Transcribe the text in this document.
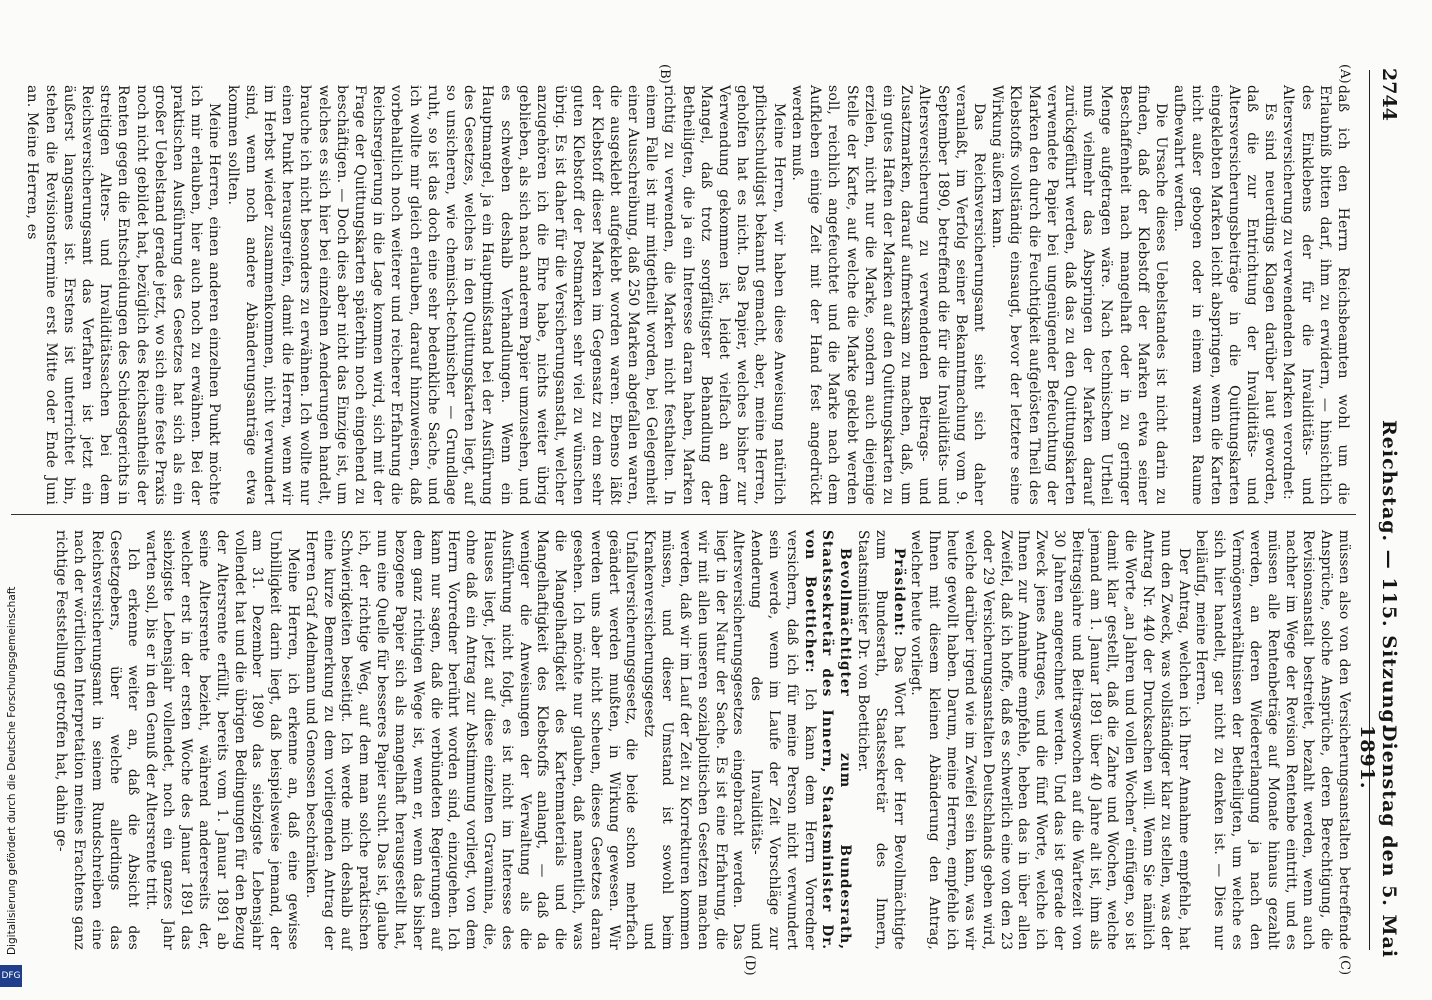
2744
Reichstag. — 115. Sitzung.
Dienstag den 5. Mai 1891.
(A)
(B)
(C)
(D)

daß ich den Herrn Reichsbeamten wohl um die Erlaubniß bitten darf, ihm zu erwidern, — hinsichtlich des Einklebens der für die Invaliditäts- und Altersversicherung zu verwendenden Marken verordnet:

Es sind neuerdings Klagen darüber laut geworden, daß die zur Entrichtung der Invaliditäts- und Altersversicherungsbeiträge in die Quittungskarten eingeklebten Marken leicht abspringen, wenn die Karten nicht außer gebogen oder in einem warmen Raume aufbewahrt werden.

Die Ursache dieses Uebelstandes ist nicht darin zu finden, daß der Klebstoff der Marken etwa seiner Beschaffenheit nach mangelhaft oder in zu geringer Menge aufgetragen wäre. Nach technischem Urtheil muß vielmehr das Abspringen der Marken darauf zurückgeführt werden, daß das zu den Quittungskarten verwendete Papier bei ungenügender Befeuchtung der Marken den durch die Feuchtigkeit aufgelösten Theil des Klebstoffs vollständig einsaugt, bevor der letztere seine Wirkung äußern kann.

Das Reichsversicherungsamt sieht sich daher veranlaßt, im Verfolg seiner Bekanntmachung vom 9. September 1890, betreffend die für die Invaliditäts- und Altersversicherung zu verwendenden Beitrags- und Zusatzmarken, darauf aufmerksam zu machen, daß, um ein gutes Haften der Marken auf den Quittungskarten zu erzielen, nicht nur die Marke, sondern auch diejenige Stelle der Karte, auf welche die Marke geklebt werden soll, reichlich angefeuchtet und die Marke nach dem Aufkleben einige Zeit mit der Hand fest angedrückt werden muß.

Meine Herren, wir haben diese Anweisung natürlich pflichtschuldigst bekannt gemacht, aber, meine Herren, geholfen hat es nicht. Das Papier, welches bisher zur Verwendung gekommen ist, leidet vielfach an dem Mangel, daß trotz sorgfältigster Behandlung der Betheiligten, die ja ein Interesse daran haben, Marken richtig zu verwenden, die Marken nicht festhalten. In einem Falle ist mir mitgetheilt worden, bei Gelegenheit einer Ausschreibung, daß 250 Marken abgefallen waren, die ausgeklebt aufgeklebt worden waren. Ebenso läßt der Klebstoff dieser Marken im Gegensatz zu dem sehr guten Klebstoff der Postmarken sehr viel zu wünschen übrig. Es ist daher für die Versicherungsanstalt, welcher anzugehören ich die Ehre habe, nichts weiter übrig geblieben, als sich nach anderem Papier umzusehen, und es schweben deshalb Verhandlungen. Wenn ein Hauptmangel, ja ein Hauptmißstand bei der Ausführung des Gesetzes, welches in den Quittungskarten liegt, auf so unsicheren, wie chemisch-technischer — Grundlage ruht, so ist das doch eine sehr bedenkliche Sache, und ich wollte mir gleich erlauben, darauf hinzuweisen, daß vorbehaltlich noch weiterer und reicherer Erfahrung die Reichsregierung in die Lage kommen wird, sich mit der Frage der Quittungskarten späterhin noch eingehend zu beschäftigen. — Doch dies aber nicht das Einzige ist, um welches es sich hier bei einzelnen Aenderungen handelt, brauche ich nicht besonders zu erwähnen. Ich wollte nur einen Punkt herausgreifen, damit die Herren, wenn wir im Herbst wieder zusammenkommen, nicht verwundert sind, wenn noch andere Abänderungsanträge etwa kommen sollten.

Meine Herren, einen anderen einzelnen Punkt möchte ich mir erlauben, hier auch noch zu erwähnen. Bei der praktischen Ausführung des Gesetzes hat sich als ein großer Uebelstand gerade jetzt, wo sich eine feste Praxis noch nicht gebildet hat, bezüglich des Reichsantheils der Renten gegen die Entscheidungen des Schiedsgerichts in streitigen Alters- und Invaliditätssachen bei dem Reichsversicherungsamt das Verfahren ist jetzt ein äußerst langsames ist. Erstens ist unterrichtet bin, stehen die Revisionstermine erst Mitte oder Ende Juni an. Meine Herren, es

müssen also von den Versicherungsanstalten betreffende Ansprüche, solche Ansprüche, deren Berechtigung, die Revisionsanstalt bestreitet, bezahlt werden, wenn auch nachher im Wege der Revision Rentenbe eintritt, und es müssen alle Rentenbeträge auf Monate hinaus gezahlt werden, an deren Wiedererlangung ja nach den Vermögensverhältnissen der Betheiligten, um welche es sich hier handelt, gar nicht zu denken ist. — Dies nur beiläufig, meine Herren.

Der Antrag, welchen ich Ihrer Annahme empfehle, hat nun den Zweck, was vollständiger klar zu stellen, was der Antrag Nr. 440 der Drucksachen will. Wenn Sie nämlich die Worte „an Jahren und vollen Wochen“ einfügen, so ist damit klar gestellt, daß die Zahre und Wochen, welche jemand am 1. Januar 1891 über 40 Jahre alt ist, ihm als Beitragsjahre und Beitragswochen auf die Wartezeit von 30 Jahren angerechnet werden. Und das ist gerade der Zweck jenes Antrages, und die fünf Worte, welche ich Ihnen zur Annahme empfehle, heben das in über allen Zweifel, daß ich hoffe, daß es schwerlich eine von den 23 oder 29 Versicherungsanstalten Deutschlands geben wird, welche darüber irgend wie im Zweifel sein kann, was wir heute gewollt haben. Darum, meine Herren, empfehle ich Ihnen mit diesem kleinen Abänderung den Antrag, welcher heute vorliegt.

Präsident: Das Wort hat der Herr Bevollmächtigte zum Bundesrath, Staatssekretär des Innern, Staatsminister Dr. von Boetticher.

Bevollmächtigter zum Bundesrath, Staatssekretär des Innern, Staatsminister Dr. von Boetticher: Ich kann dem Herrn Vorredner versichern, daß ich für meine Person nicht verwundert sein werde, wenn im Laufe der Zeit Vorschläge zur Aenderung des Invaliditäts- und Altersversicherungsgesetzes eingebracht werden. Das liegt in der Natur der Sache. Es ist eine Erfahrung, die wir mit allen unseren sozialpolitischen Gesetzen machen werden, daß wir im Lauf der Zeit zu Korrekturen kommen müssen, und dieser Umstand ist sowohl beim Krankenversicherungsgesetz und Unfallversicherungsgesetz, die beide schon mehrfach geändert werden mußten, in Wirkung gewesen. Wir werden uns aber nicht scheuen, dieses Gesetzes daran gesehen. Ich möchte nur glauben, daß namentlich, was die Mangelhaftigkeit des Kartenmaterials und die Mangelhaftigkeit des Klebstoffs anlangt, — daß da weniger die Anweisungen der Verwaltung als die Ausführung nicht folgt, es ist nicht im Interesse des Hauses liegt, jetzt auf diese einzelnen Gravamina, die, ohne daß ein Antrag zur Abstimmung vorliegt, von dem Herrn Vorredner berührt worden sind, einzugehen. Ich kann nur sagen, daß die verbündeten Regierungen auf dem ganz richtigen Wege ist, wenn er, wenn das bisher bezogene Papier sich als mangelhaft herausgestellt hat, nun eine Quelle für besseres Papier sucht. Das ist, glaube ich, der richtige Weg, auf dem man solche praktischen Schwierigkeiten beseitigt. Ich werde mich deshalb auf eine kurze Bemerkung zu dem vorliegenden Antrag der Herren Graf Adelmann und Genossen beschränken.

Meine Herren, ich erkenne an, daß eine gewisse Unbilligkeit darin liegt, daß beispielsweise jemand, der am 31. Dezember 1890 das siebzigste Lebensjahr vollendet hat und die übrigen Bedingungen für den Bezug der Altersrente erfüllt, bereits vom 1. Januar 1891 ab seine Altersrente bezieht, während andererseits der, welcher erst in der ersten Woche des Januar 1891 das siebzigste Lebensjahr vollendet, noch ein ganzes Jahr warten soll, bis er in den Genuß der Altersrente tritt.

Ich erkenne weiter an, daß die Absicht des Gesetzgebers, über welche allerdings das Reichsversicherungsamt in seinem Rundschreiben eine nach der wörtlichen Interpretation meines Erachtens ganz richtige Feststellung getroffen hat, dahin ge-

DFG
Digitalisierung gefördert durch die Deutsche Forschungsgemeinschaft
